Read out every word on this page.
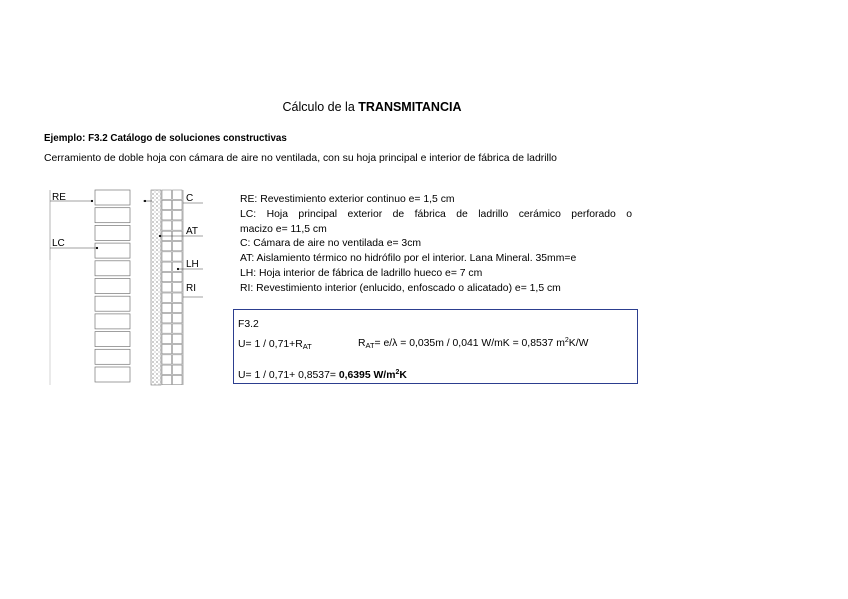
Cálculo de la TRANSMITANCIA
Ejemplo: F3.2 Catálogo de soluciones constructivas
Cerramiento de doble hoja con cámara de aire no ventilada, con su hoja principal e interior de fábrica de ladrillo
RE
LC
C
AT
LH
RI
RE: Revestimiento exterior continuo e= 1,5 cm
LC: Hoja principal exterior de fábrica de ladrillo cerámico perforado o
macizo e= 11,5 cm
C: Cámara de aire no ventilada e= 3cm
AT: Aislamiento térmico no hidrófilo por el interior. Lana Mineral. 35mm=e
LH: Hoja interior de fábrica de ladrillo hueco e= 7 cm
RI: Revestimiento interior (enlucido, enfoscado o alicatado) e= 1,5 cm
F3.2
$U= 1 / 0,71+R_{AT}$	$R_{AT}= e/\lambda = 0,035m / 0,041$ W/mK = 0,8537 $m^2K/W$
U= 1 / 0,71+ 0,8537= 0,6395 $W/m^2K$
